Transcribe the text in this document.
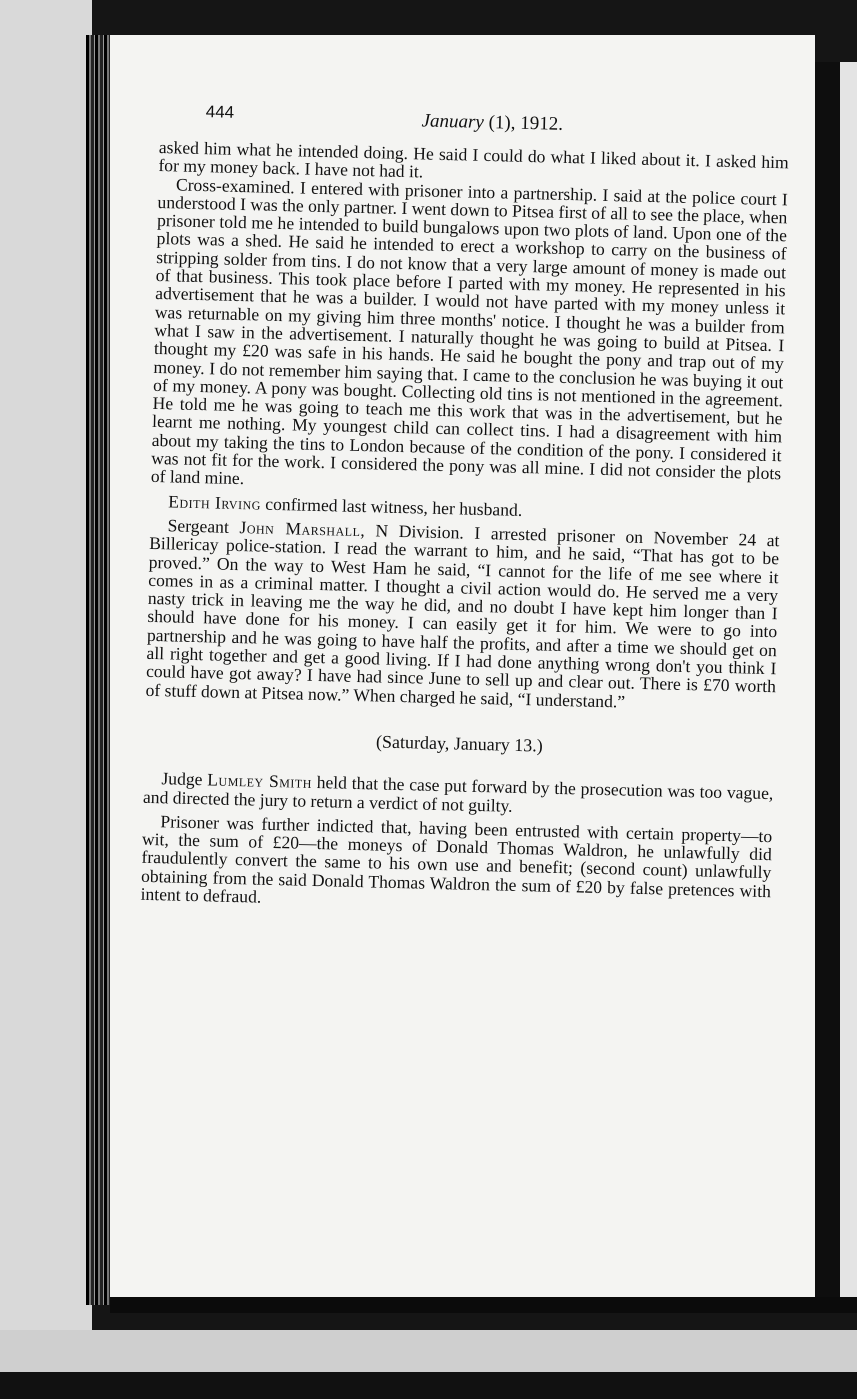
444	January (1), 1912.

asked him what he intended doing. He said I could do what I liked about it. I asked him for my money back. I have not had it.

Cross-examined. I entered with prisoner into a partnership. I said at the police court I understood I was the only partner. I went down to Pitsea first of all to see the place, when prisoner told me he intended to build bungalows upon two plots of land. Upon one of the plots was a shed. He said he intended to erect a workshop to carry on the business of stripping solder from tins. I do not know that a very large amount of money is made out of that business. This took place before I parted with my money. He represented in his advertisement that he was a builder. I would not have parted with my money unless it was returnable on my giving him three months' notice. I thought he was a builder from what I saw in the advertisement. I naturally thought he was going to build at Pitsea. I thought my £20 was safe in his hands. He said he bought the pony and trap out of my money. I do not remember him saying that. I came to the conclusion he was buying it out of my money. A pony was bought. Collecting old tins is not mentioned in the agreement. He told me he was going to teach me this work that was in the advertisement, but he learnt me nothing. My youngest child can collect tins. I had a disagreement with him about my taking the tins to London because of the condition of the pony. I considered it was not fit for the work. I considered the pony was all mine. I did not consider the plots of land mine.

Edith Irving confirmed last witness, her husband.

Sergeant John Marshall, N Division. I arrested prisoner on November 24 at Billericay police-station. I read the warrant to him, and he said, “That has got to be proved.” On the way to West Ham he said, “I cannot for the life of me see where it comes in as a criminal matter. I thought a civil action would do. He served me a very nasty trick in leaving me the way he did, and no doubt I have kept him longer than I should have done for his money. I can easily get it for him. We were to go into partnership and he was going to have half the profits, and after a time we should get on all right together and get a good living. If I had done anything wrong don't you think I could have got away? I have had since June to sell up and clear out. There is £70 worth of stuff down at Pitsea now.” When charged he said, “I understand.”

(Saturday, January 13.)

Judge Lumley Smith held that the case put forward by the prosecution was too vague, and directed the jury to return a verdict of not guilty.

Prisoner was further indicted that, having been entrusted with certain property—to wit, the sum of £20—the moneys of Donald Thomas Waldron, he unlawfully did fraudulently convert the same to his own use and benefit; (second count) unlawfully obtaining from the said Donald Thomas Waldron the sum of £20 by false pretences with intent to defraud.
